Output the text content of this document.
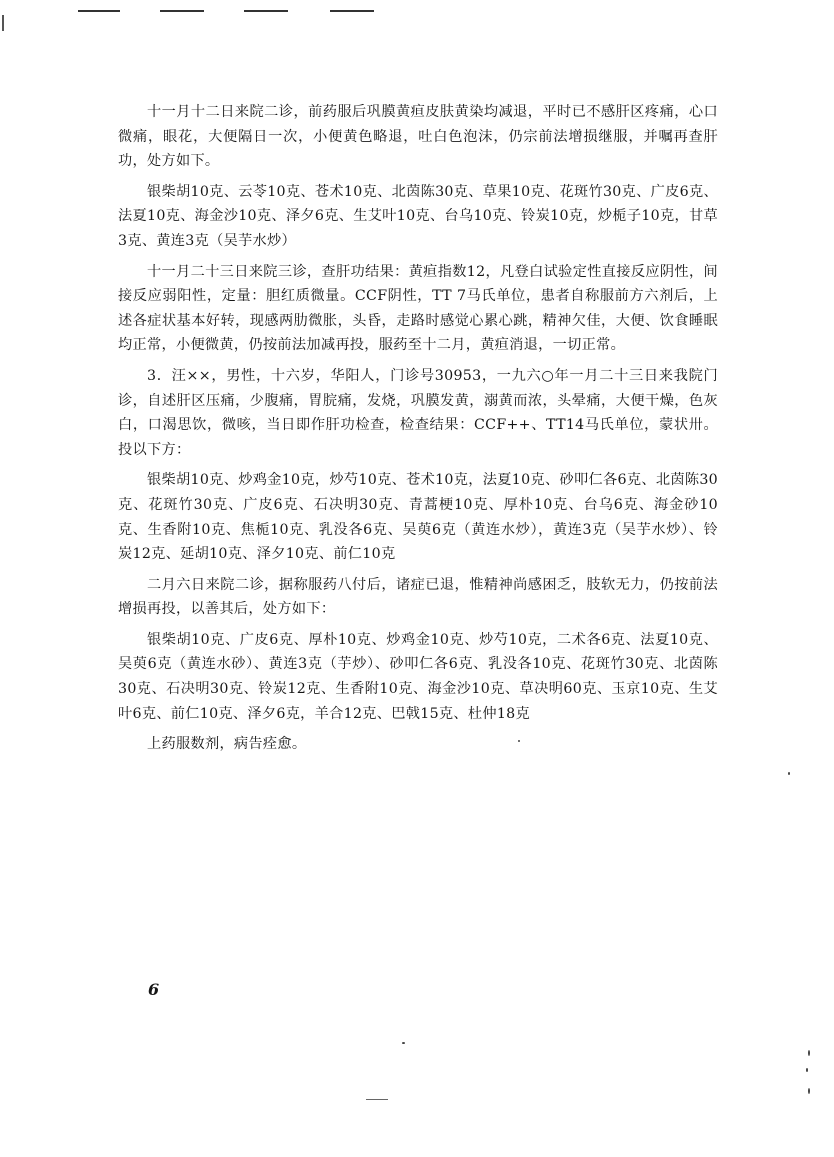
十一月十二日来院二诊，前药服后巩膜黄疸皮肤黄染均减退，平时已不感肝区疼痛，心口微痛，眼花，大便隔日一次，小便黄色略退，吐白色泡沫，仍宗前法增损继服，并嘱再查肝功，处方如下。

银柴胡10克、云苓10克、苍术10克、北茵陈30克、草果10克、花斑竹30克、广皮6克、法夏10克、海金沙10克、泽夕6克、生艾叶10克、台乌10克、铃炭10克，炒栀子10克，甘草3克、黄连3克（吴芋水炒）

十一月二十三日来院三诊，查肝功结果：黄疸指数12，凡登白试验定性直接反应阴性，间接反应弱阳性，定量：胆红质微量。CCF阴性，TT 7马氏单位，患者自称服前方六剂后，上述各症状基本好转，现感两肋微胀，头昏，走路时感觉心累心跳，精神欠佳，大便、饮食睡眠均正常，小便微黄，仍按前法加减再投，服药至十二月，黄疸消退，一切正常。

3．汪××，男性，十六岁，华阳人，门诊号30953，一九六○年一月二十三日来我院门诊，自述肝区压痛，少腹痛，胃脘痛，发烧，巩膜发黄，溺黄而浓，头晕痛，大便干燥，色灰白，口渴思饮，微咳，当日即作肝功检查，检查结果：CCF++、TT14马氏单位，蒙状卅。投以下方：

银柴胡10克、炒鸡金10克，炒芍10克、苍术10克，法夏10克、砂叩仁各6克、北茵陈30克、花斑竹30克、广皮6克、石决明30克、青蒿梗10克、厚朴10克、台乌6克、海金砂10克、生香附10克、焦栀10克、乳没各6克、吴萸6克（黄连水炒），黄连3克（吴芋水炒）、铃炭12克、延胡10克、泽夕10克、前仁10克

二月六日来院二诊，据称服药八付后，诸症已退，惟精神尚感困乏，肢软无力，仍按前法增损再投，以善其后，处方如下：

银柴胡10克、广皮6克、厚朴10克、炒鸡金10克、炒芍10克，二术各6克、法夏10克、吴萸6克（黄连水砂）、黄连3克（芋炒）、砂叩仁各6克、乳没各10克、花斑竹30克、北茵陈30克、石决明30克、铃炭12克、生香附10克、海金沙10克、草决明60克、玉京10克、生艾叶6克、前仁10克、泽夕6克，羊合12克、巴戟15克、杜仲18克

上药服数剂，病告痊愈。

6
